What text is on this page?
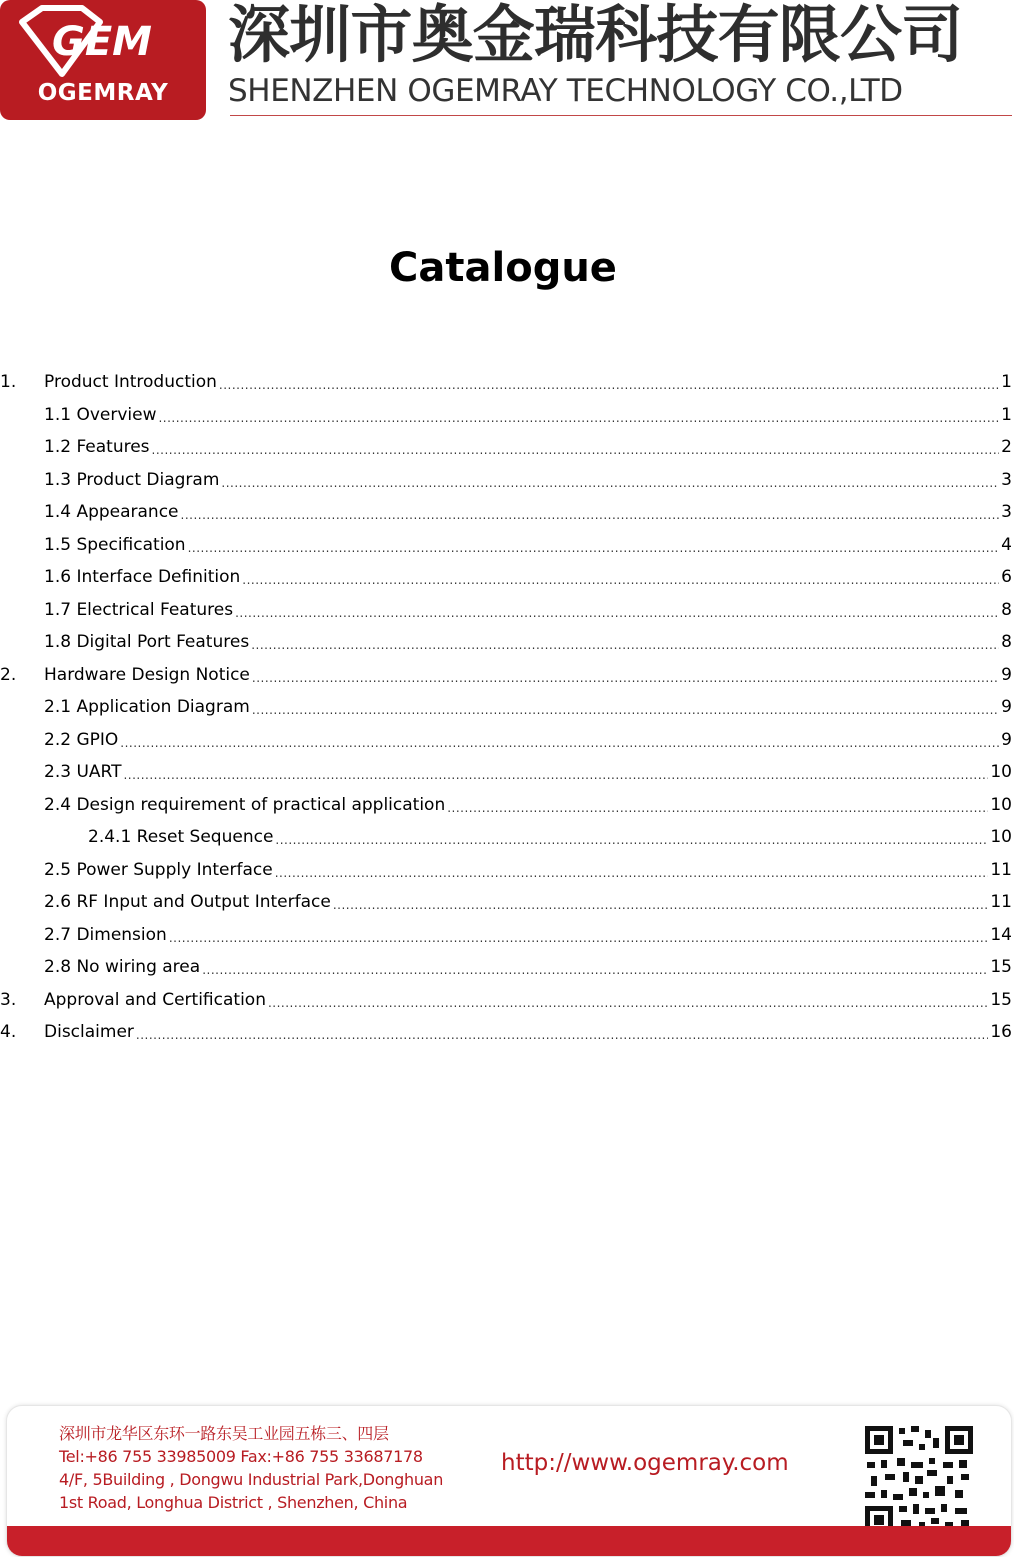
GEM
OGEMRAY
深圳市奥金瑞科技有限公司
SHENZHEN OGEMRAY TECHNOLOGY CO.,LTD
Catalogue
1.	Product Introduction .....	1
1.1 Overview .....	1
1.2 Features .....	2
1.3 Product Diagram .....	3
1.4 Appearance .....	3
1.5 Specification .....	4
1.6 Interface Definition .....	6
1.7 Electrical Features .....	8
1.8 Digital Port Features .....	8
2.	Hardware Design Notice .....	9
2.1 Application Diagram .....	9
2.2 GPIO .....	9
2.3 UART .....	10
2.4 Design requirement of practical application .....	10
2.4.1 Reset Sequence .....	10
2.5 Power Supply Interface .....	11
2.6 RF Input and Output Interface .....	11
2.7 Dimension .....	14
2.8 No wiring area .....	15
3.	Approval and Certification .....	15
4.	Disclaimer .....	16
深圳市龙华区东环一路东吴工业园五栋三、四层
Tel:+86 755 33985009 Fax:+86 755 33687178
4/F, 5Building , Dongwu Industrial Park,Donghuan
1st Road, Longhua District , Shenzhen, China
http://www.ogemray.com
